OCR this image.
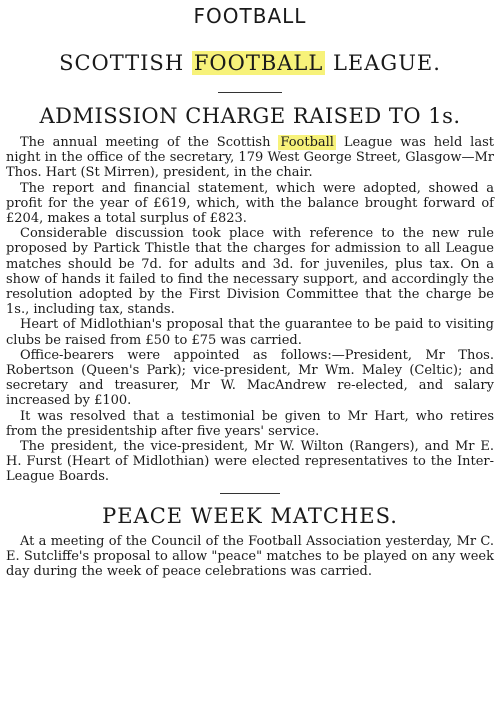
FOOTBALL
SCOTTISH FOOTBALL LEAGUE.
ADMISSION CHARGE RAISED TO 1s.

The annual meeting of the Scottish Football League was held last night in the office of the secretary, 179 West George Street, Glasgow—Mr Thos. Hart (St Mirren), president, in the chair.

The report and financial statement, which were adopted, showed a profit for the year of £619, which, with the balance brought forward of £204, makes a total surplus of £823.

Considerable discussion took place with reference to the new rule proposed by Partick Thistle that the charges for admission to all League matches should be 7d. for adults and 3d. for juveniles, plus tax. On a show of hands it failed to find the necessary support, and accordingly the resolution adopted by the First Division Committee that the charge be 1s., including tax, stands.

Heart of Midlothian's proposal that the guarantee to be paid to visiting clubs be raised from £50 to £75 was carried.

Office-bearers were appointed as follows:—President, Mr Thos. Robertson (Queen's Park); vice-president, Mr Wm. Maley (Celtic); and secretary and treasurer, Mr W. MacAndrew re-elected, and salary increased by £100.

It was resolved that a testimonial be given to Mr Hart, who retires from the presidentship after five years' service.

The president, the vice-president, Mr W. Wilton (Rangers), and Mr E. H. Furst (Heart of Midlothian) were elected representatives to the Inter-League Boards.

PEACE WEEK MATCHES.

At a meeting of the Council of the Football Association yesterday, Mr C. E. Sutcliffe's proposal to allow "peace" matches to be played on any week day during the week of peace celebrations was carried.
